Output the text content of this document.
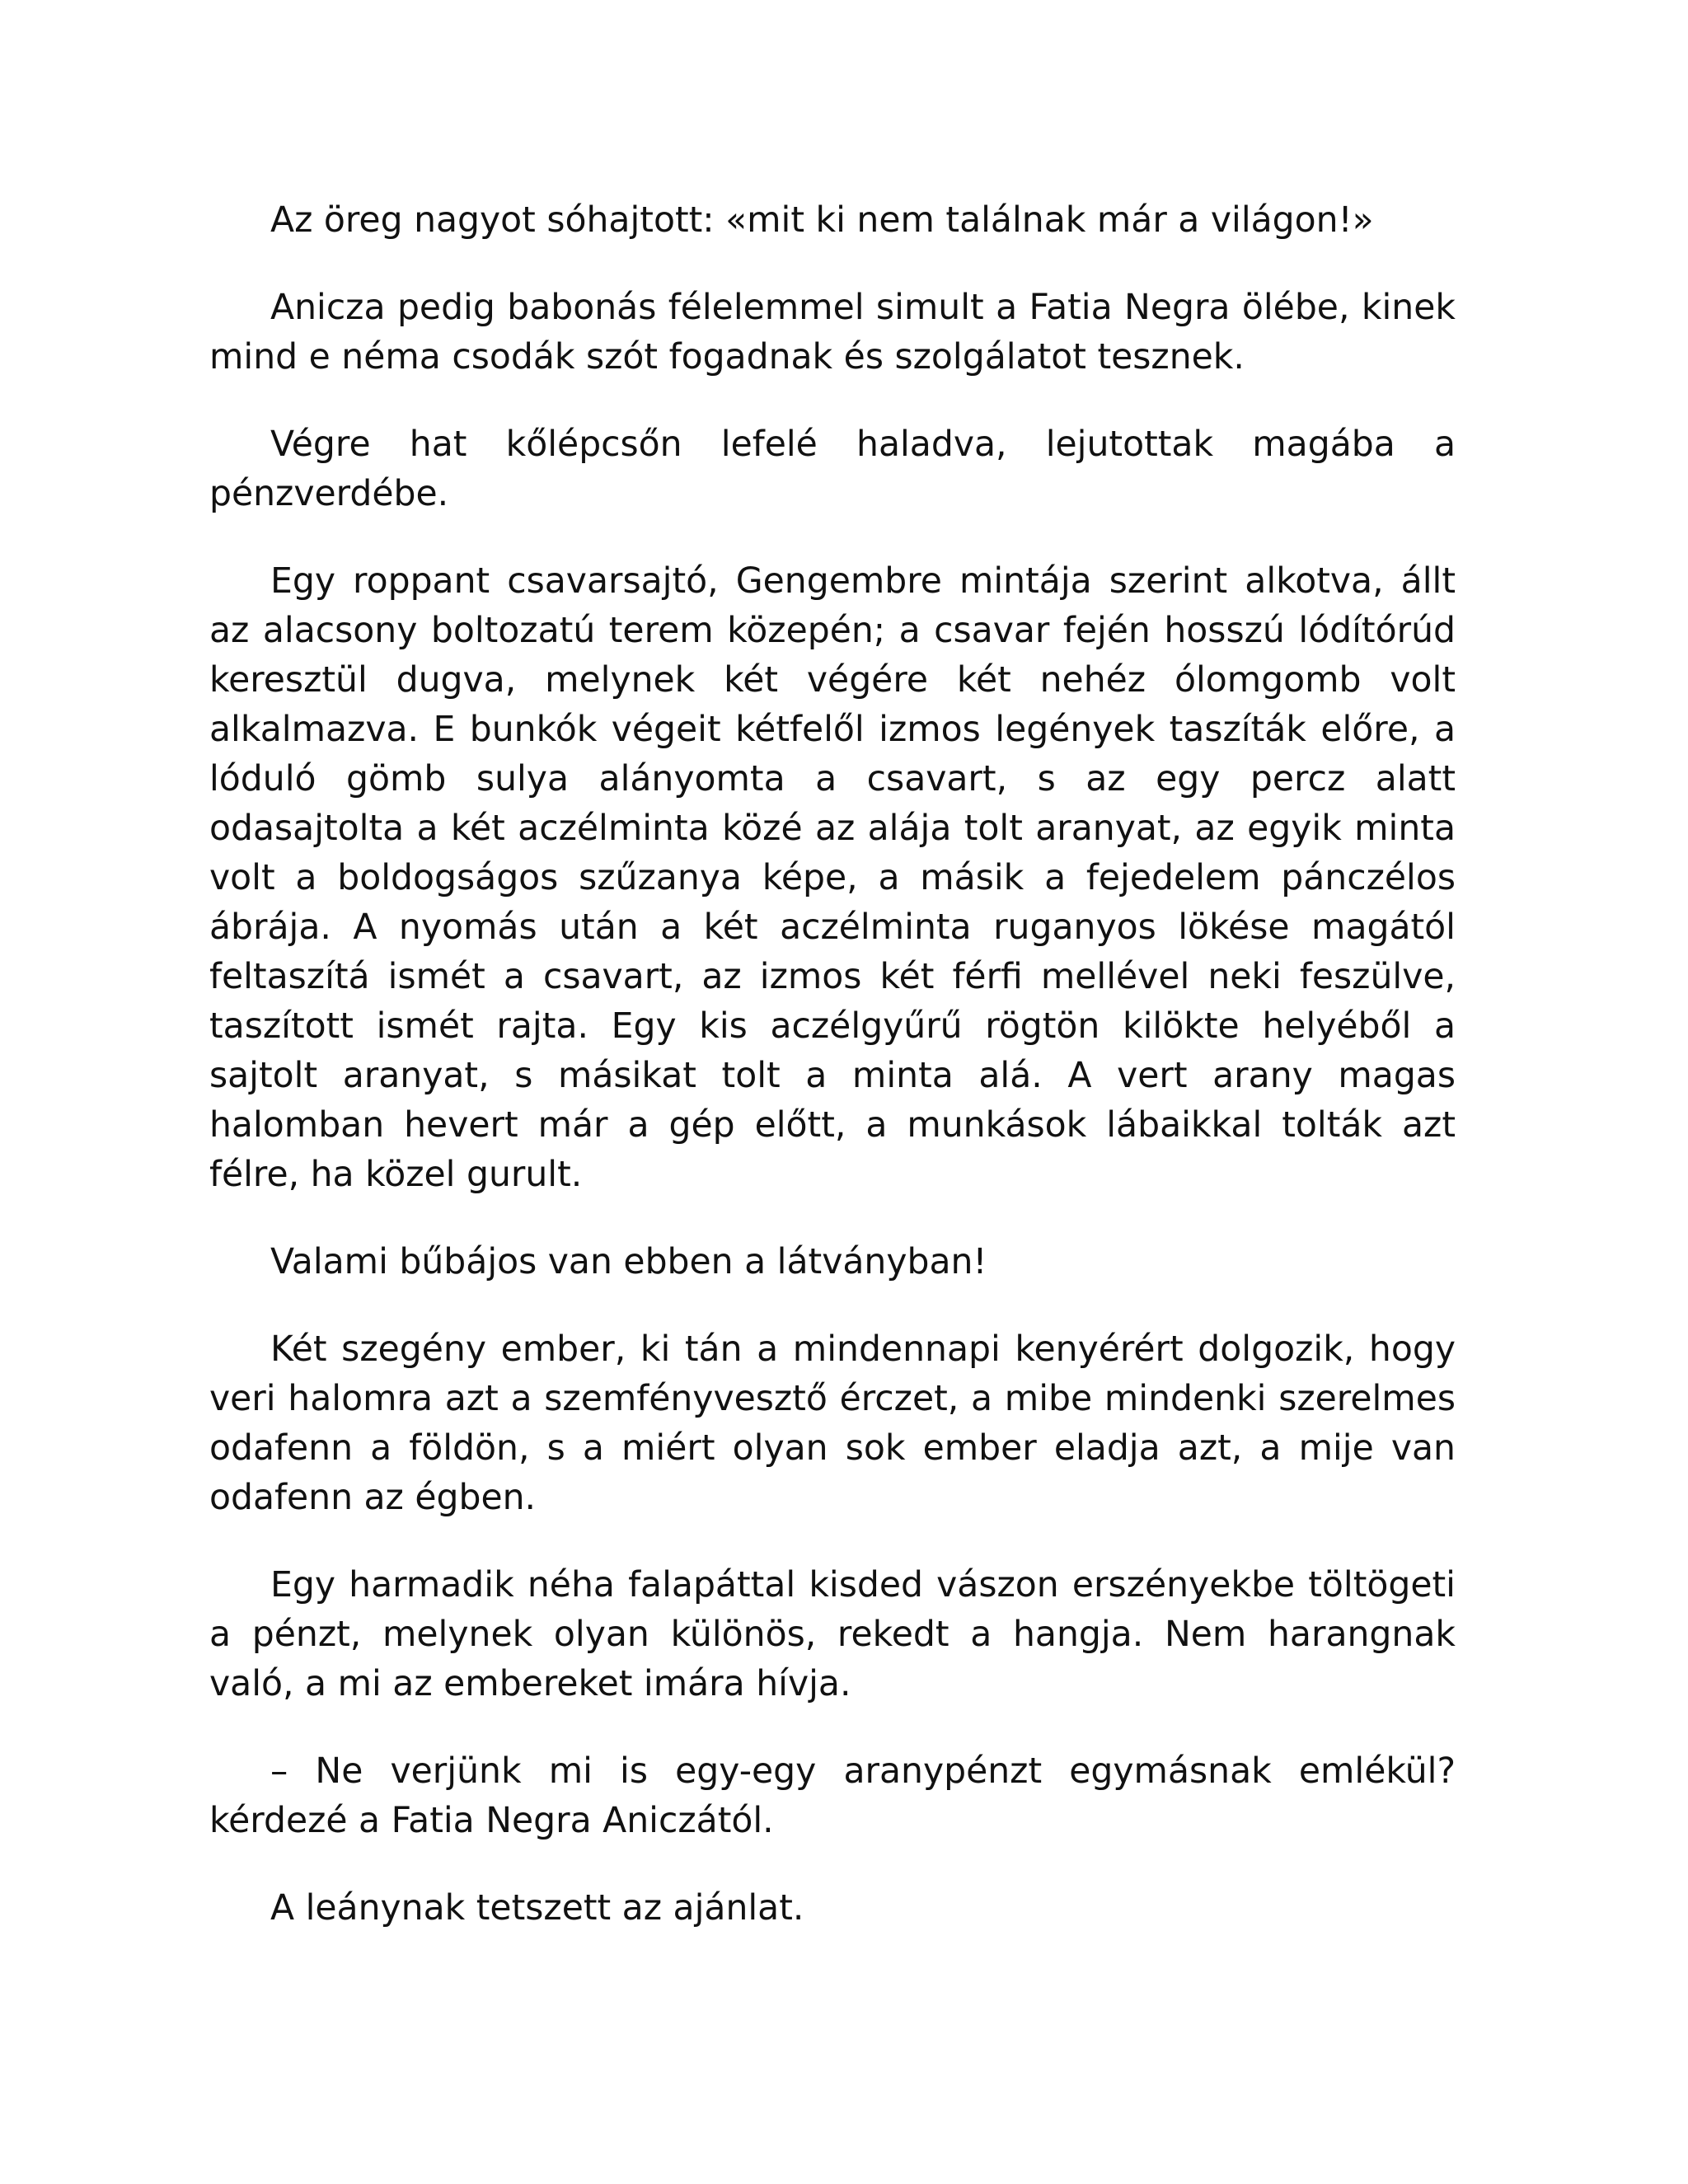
Az öreg nagyot sóhajtott: «mit ki nem találnak már a világon!»

Anicza pedig babonás félelemmel simult a Fatia Negra ölébe, kinek mind e néma csodák szót fogadnak és szolgálatot tesznek.

Végre hat kőlépcsőn lefelé haladva, lejutottak magába a pénzverdébe.

Egy roppant csavarsajtó, Gengembre mintája szerint alkotva, állt az alacsony boltozatú terem közepén; a csavar fején hosszú lódítórúd keresztül dugva, melynek két végére két nehéz ólomgomb volt alkalmazva. E bunkók végeit kétfelől izmos legények taszíták előre, a lóduló gömb sulya alányomta a csavart, s az egy percz alatt odasajtolta a két aczélminta közé az alája tolt aranyat, az egyik minta volt a boldogságos szűzanya képe, a másik a fejedelem pánczélos ábrája. A nyomás után a két aczélminta ruganyos lökése magától feltaszítá ismét a csavart, az izmos két férfi mellével neki feszülve, taszított ismét rajta. Egy kis aczélgyűrű rögtön kilökte helyéből a sajtolt aranyat, s másikat tolt a minta alá. A vert arany magas halomban hevert már a gép előtt, a munkások lábaikkal tolták azt félre, ha közel gurult.

Valami bűbájos van ebben a látványban!

Két szegény ember, ki tán a mindennapi kenyérért dolgozik, hogy veri halomra azt a szemfényvesztő érczet, a mibe mindenki szerelmes odafenn a földön, s a miért olyan sok ember eladja azt, a mije van odafenn az égben.

Egy harmadik néha falapáttal kisded vászon erszényekbe töltögeti a pénzt, melynek olyan különös, rekedt a hangja. Nem harangnak való, a mi az embereket imára hívja.

– Ne verjünk mi is egy-egy aranypénzt egymásnak emlékül? kérdezé a Fatia Negra Aniczától.

A leánynak tetszett az ajánlat.
